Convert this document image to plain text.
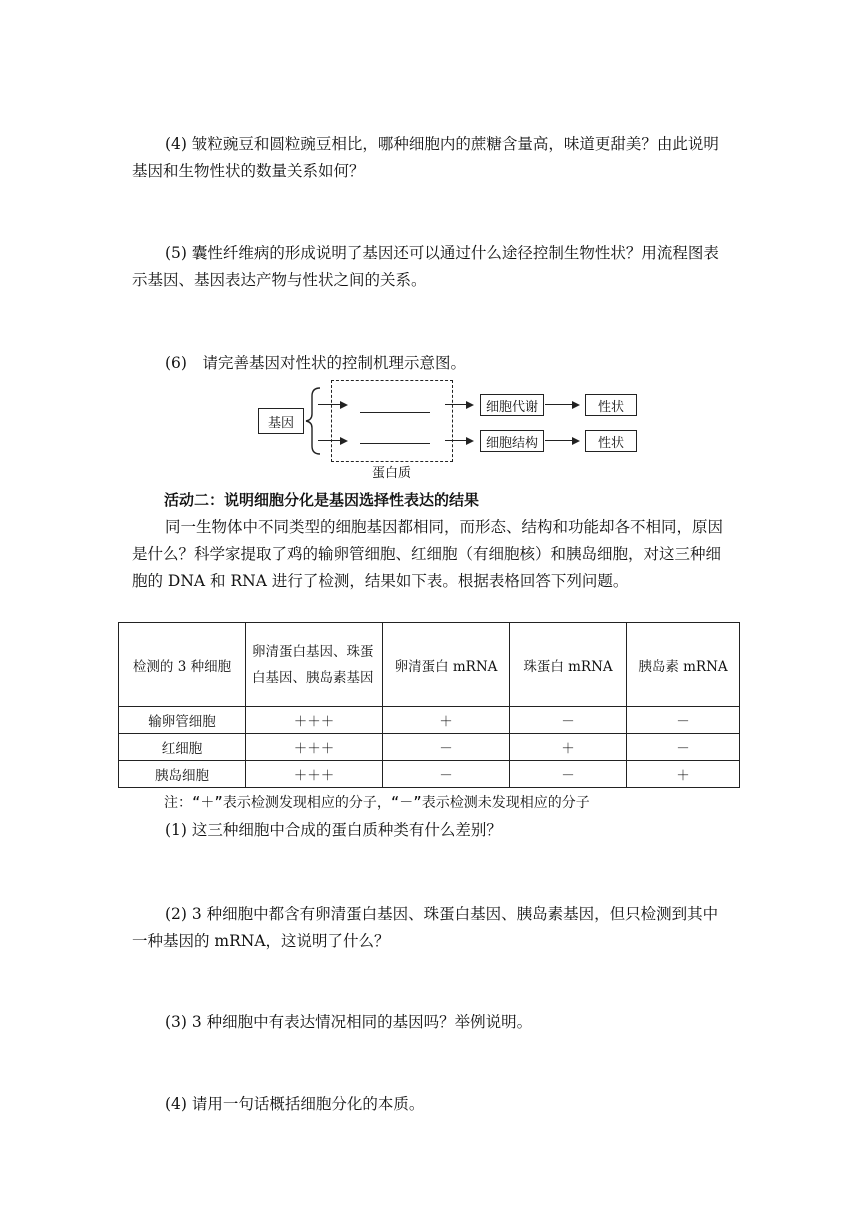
(4) 皱粒豌豆和圆粒豌豆相比，哪种细胞内的蔗糖含量高，味道更甜美？由此说明基因和生物性状的数量关系如何？
(5) 囊性纤维病的形成说明了基因还可以通过什么途径控制生物性状？用流程图表示基因、基因表达产物与性状之间的关系。
(6)　请完善基因对性状的控制机理示意图。
基因
蛋白质
细胞代谢
细胞结构
性状
性状
活动二：说明细胞分化是基因选择性表达的结果
同一生物体中不同类型的细胞基因都相同，而形态、结构和功能却各不相同，原因是什么？科学家提取了鸡的输卵管细胞、红细胞（有细胞核）和胰岛细胞，对这三种细胞的 DNA 和 RNA 进行了检测，结果如下表。根据表格回答下列问题。
检测的 3 种细胞	卵清蛋白基因、珠蛋白基因、胰岛素基因	卵清蛋白 mRNA	珠蛋白 mRNA	胰岛素 mRNA
输卵管细胞	＋＋＋	＋	－	－
红细胞	＋＋＋	－	＋	－
胰岛细胞	＋＋＋	－	－	＋
注：“＋”表示检测发现相应的分子，“－”表示检测未发现相应的分子
(1) 这三种细胞中合成的蛋白质种类有什么差别？
(2) 3 种细胞中都含有卵清蛋白基因、珠蛋白基因、胰岛素基因，但只检测到其中一种基因的 mRNA，这说明了什么？
(3) 3 种细胞中有表达情况相同的基因吗？举例说明。
(4) 请用一句话概括细胞分化的本质。
